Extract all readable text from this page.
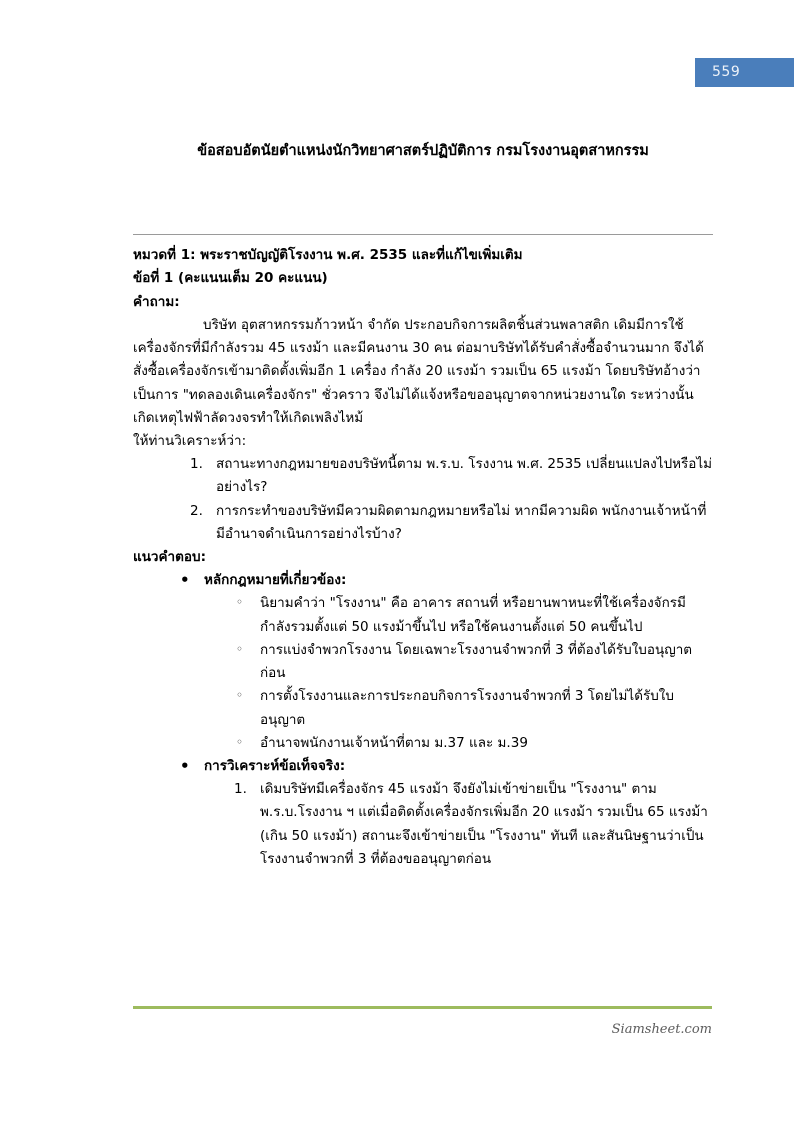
559
ข้อสอบอัตนัยตำแหน่งนักวิทยาศาสตร์ปฏิบัติการ กรมโรงงานอุตสาหกรรม
หมวดที่ 1: พระราชบัญญัติโรงงาน พ.ศ. 2535 และที่แก้ไขเพิ่มเติม
ข้อที่ 1 (คะแนนเต็ม 20 คะแนน)
คำถาม:

บริษัท อุตสาหกรรมก้าวหน้า จำกัด ประกอบกิจการผลิตชิ้นส่วนพลาสติก เดิมมีการใช้เครื่องจักรที่มีกำลังรวม 45 แรงม้า และมีคนงาน 30 คน ต่อมาบริษัทได้รับคำสั่งซื้อจำนวนมาก จึงได้สั่งซื้อเครื่องจักรเข้ามาติดตั้งเพิ่มอีก 1 เครื่อง กำลัง 20 แรงม้า รวมเป็น 65 แรงม้า โดยบริษัทอ้างว่าเป็นการ "ทดลองเดินเครื่องจักร" ชั่วคราว จึงไม่ได้แจ้งหรือขออนุญาตจากหน่วยงานใด ระหว่างนั้นเกิดเหตุไฟฟ้าลัดวงจรทำให้เกิดเพลิงไหม้

ให้ท่านวิเคราะห์ว่า:

สถานะทางกฎหมายของบริษัทนี้ตาม พ.ร.บ. โรงงาน พ.ศ. 2535 เปลี่ยนแปลงไปหรือไม่ อย่างไร?
การกระทำของบริษัทมีความผิดตามกฎหมายหรือไม่ หากมีความผิด พนักงานเจ้าหน้าที่มีอำนาจดำเนินการอย่างไรบ้าง?
แนวคำตอบ:
• หลักกฎหมายที่เกี่ยวข้อง:
◦ นิยามคำว่า "โรงงาน" คือ อาคาร สถานที่ หรือยานพาหนะที่ใช้เครื่องจักรมีกำลังรวมตั้งแต่ 50 แรงม้าขึ้นไป หรือใช้คนงานตั้งแต่ 50 คนขึ้นไป
◦ การแบ่งจำพวกโรงงาน โดยเฉพาะโรงงานจำพวกที่ 3 ที่ต้องได้รับใบอนุญาตก่อน
◦ การตั้งโรงงานและการประกอบกิจการโรงงานจำพวกที่ 3 โดยไม่ได้รับใบอนุญาต
◦ อำนาจพนักงานเจ้าหน้าที่ตาม ม.37 และ ม.39
• การวิเคราะห์ข้อเท็จจริง:
เดิมบริษัทมีเครื่องจักร 45 แรงม้า จึงยังไม่เข้าข่ายเป็น "โรงงาน" ตาม พ.ร.บ.โรงงาน ฯ แต่เมื่อติดตั้งเครื่องจักรเพิ่มอีก 20 แรงม้า รวมเป็น 65 แรงม้า (เกิน 50 แรงม้า) สถานะจึงเข้าข่ายเป็น "โรงงาน" ทันที และสันนิษฐานว่าเป็นโรงงานจำพวกที่ 3 ที่ต้องขออนุญาตก่อน
Siamsheet.com
